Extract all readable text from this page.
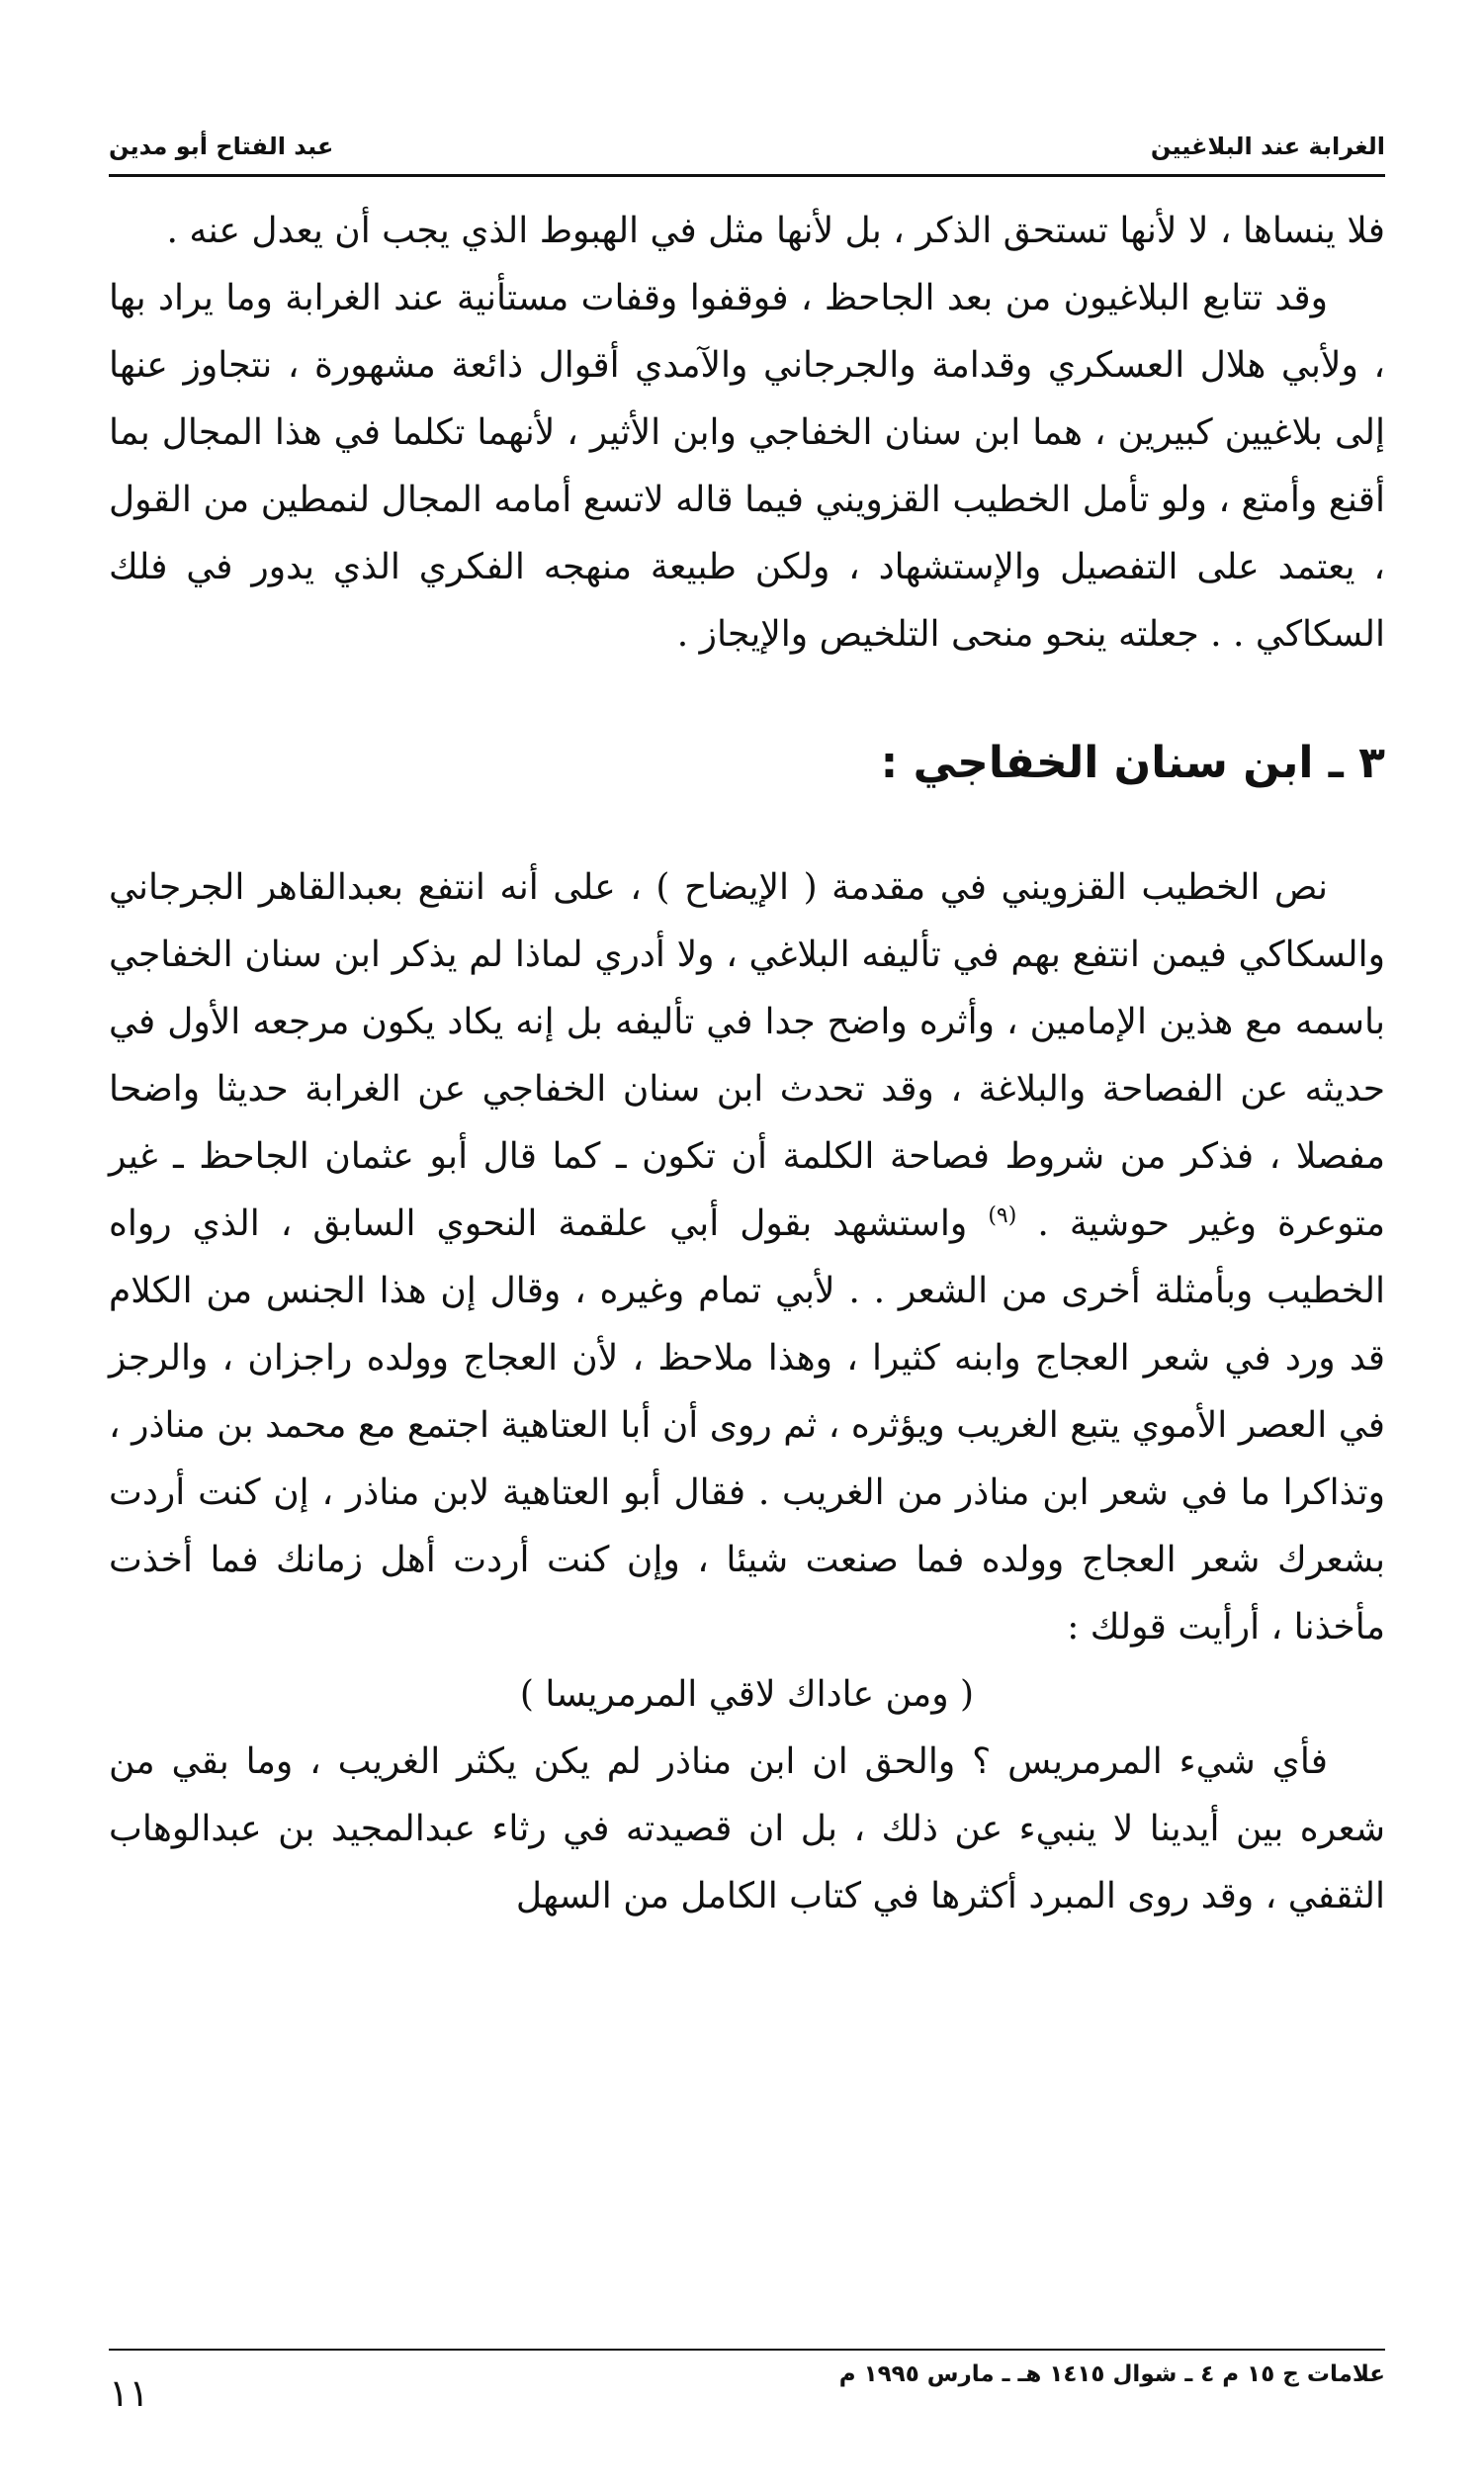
الغرابة عند البلاغيين
عبد الفتاح أبو مدين

فلا ينساها ، لا لأنها تستحق الذكر ، بل لأنها مثل في الهبوط الذي يجب أن يعدل عنه .

وقد تتابع البلاغيون من بعد الجاحظ ، فوقفوا وقفات مستأنية عند الغرابة وما يراد بها ، ولأبي هلال العسكري وقدامة والجرجاني والآمدي أقوال ذائعة مشهورة ، نتجاوز عنها إلى بلاغيين كبيرين ، هما ابن سنان الخفاجي وابن الأثير ، لأنهما تكلما في هذا المجال بما أقنع وأمتع ، ولو تأمل الخطيب القزويني فيما قاله لاتسع أمامه المجال لنمطين من القول ، يعتمد على التفصيل والإستشهاد ، ولكن طبيعة منهجه الفكري الذي يدور في فلك السكاكي . . جعلته ينحو منحى التلخيص والإيجاز .

٣ ـ ابن سنان الخفاجي :

نص الخطيب القزويني في مقدمة ( الإيضاح ) ، على أنه انتفع بعبدالقاهر الجرجاني والسكاكي فيمن انتفع بهم في تأليفه البلاغي ، ولا أدري لماذا لم يذكر ابن سنان الخفاجي باسمه مع هذين الإمامين ، وأثره واضح جدا في تأليفه بل إنه يكاد يكون مرجعه الأول في حديثه عن الفصاحة والبلاغة ، وقد تحدث ابن سنان الخفاجي عن الغرابة حديثا واضحا مفصلا ، فذكر من شروط فصاحة الكلمة أن تكون ـ كما قال أبو عثمان الجاحظ ـ غير متوعرة وغير حوشية . $^{(٩)}$ واستشهد بقول أبي علقمة النحوي السابق ، الذي رواه الخطيب وبأمثلة أخرى من الشعر . . لأبي تمام وغيره ، وقال إن هذا الجنس من الكلام قد ورد في شعر العجاج وابنه كثيرا ، وهذا ملاحظ ، لأن العجاج وولده راجزان ، والرجز في العصر الأموي يتبع الغريب ويؤثره ، ثم روى أن أبا العتاهية اجتمع مع محمد بن مناذر ، وتذاكرا ما في شعر ابن مناذر من الغريب . فقال أبو العتاهية لابن مناذر ، إن كنت أردت بشعرك شعر العجاج وولده فما صنعت شيئا ، وإن كنت أردت أهل زمانك فما أخذت مأخذنا ، أرأيت قولك :

( ومن عاداك لاقي المرمريسا )

فأي شيء المرمريس ؟ والحق ان ابن مناذر لم يكن يكثر الغريب ، وما بقي من شعره بين أيدينا لا ينبيء عن ذلك ، بل ان قصيدته في رثاء عبدالمجيد بن عبدالوهاب الثقفي ، وقد روى المبرد أكثرها في كتاب الكامل من السهل

علامات ج ١٥ م ٤ ـ شوال ١٤١٥ هـ ـ مارس ١٩٩٥ م
١١
